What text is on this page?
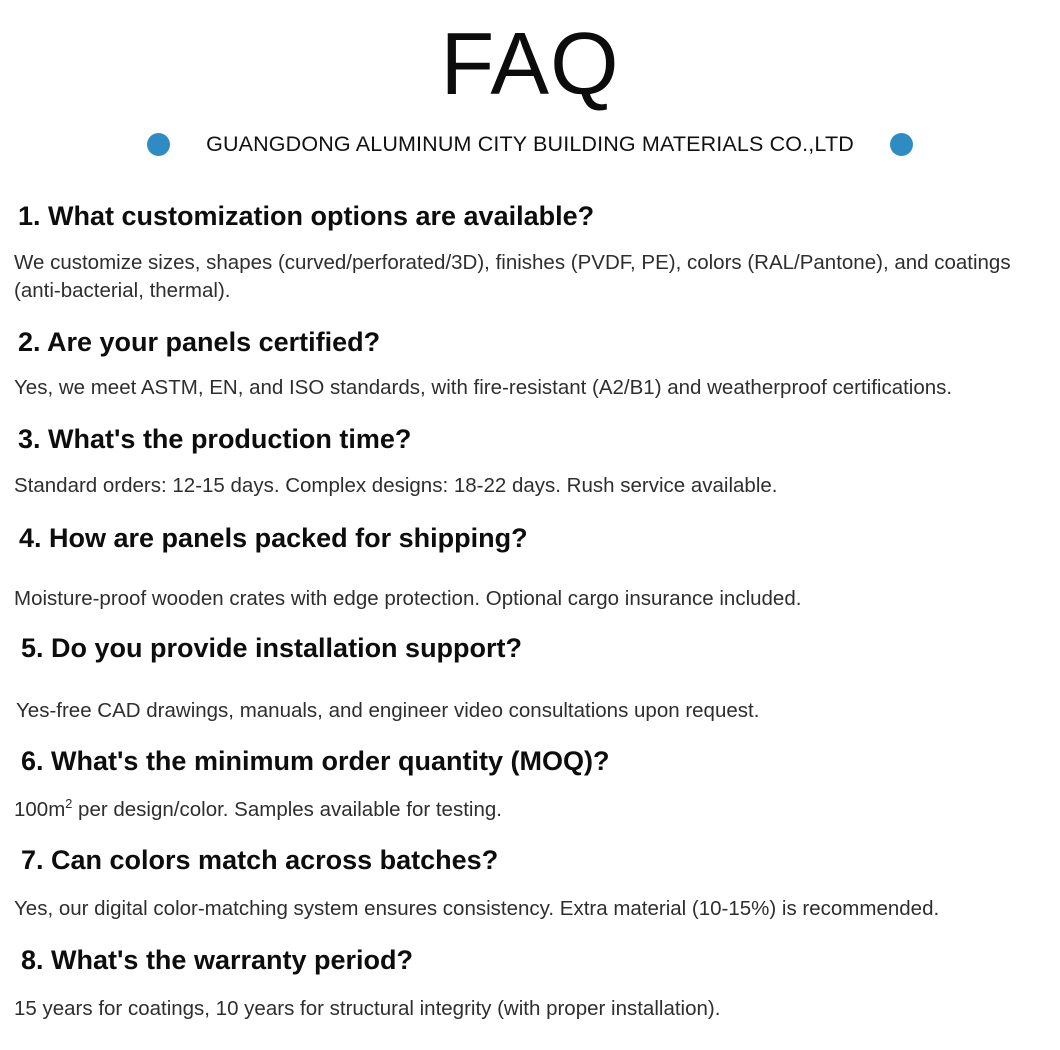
FAQ
GUANGDONG ALUMINUM CITY BUILDING MATERIALS CO.,LTD
1. What customization options are available?

We customize sizes, shapes (curved/perforated/3D), finishes (PVDF, PE), colors (RAL/Pantone), and coatings (anti-bacterial, thermal).

2. Are your panels certified?

Yes, we meet ASTM, EN, and ISO standards, with fire-resistant (A2/B1) and weatherproof certifications.

3. What's the production time?

Standard orders: 12-15 days. Complex designs: 18-22 days. Rush service available.

4. How are panels packed for shipping?

Moisture-proof wooden crates with edge protection. Optional cargo insurance included.

5. Do you provide installation support?

Yes-free CAD drawings, manuals, and engineer video consultations upon request.

6. What's the minimum order quantity (MOQ)?

$100m^2$ per design/color. Samples available for testing.

7. Can colors match across batches?

Yes, our digital color-matching system ensures consistency. Extra material (10-15%) is recommended.

8. What's the warranty period?

15 years for coatings, 10 years for structural integrity (with proper installation).
